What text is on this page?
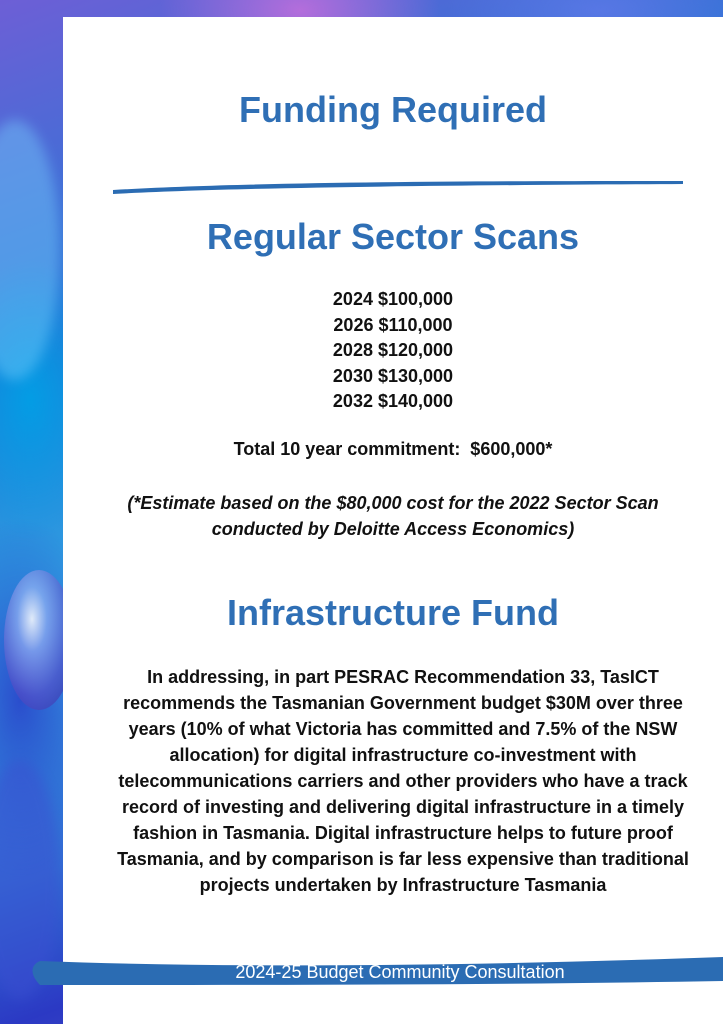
Funding Required
Regular Sector Scans
2024 $100,000
2026 $110,000
2028 $120,000
2030 $130,000
2032 $140,000
Total 10 year commitment:  $600,000*
(*Estimate based on the $80,000 cost for the 2022 Sector Scan conducted by Deloitte Access Economics)
Infrastructure Fund

In addressing, in part PESRAC Recommendation 33, TasICT recommends the Tasmanian Government budget $30M over three years (10% of what Victoria has committed and 7.5% of the NSW allocation) for digital infrastructure co-investment with telecommunications carriers and other providers who have a track record of investing and delivering digital infrastructure in a timely fashion in Tasmania. Digital infrastructure helps to future proof Tasmania, and by comparison is far less expensive than traditional projects undertaken by Infrastructure Tasmania

2024-25 Budget Community Consultation
